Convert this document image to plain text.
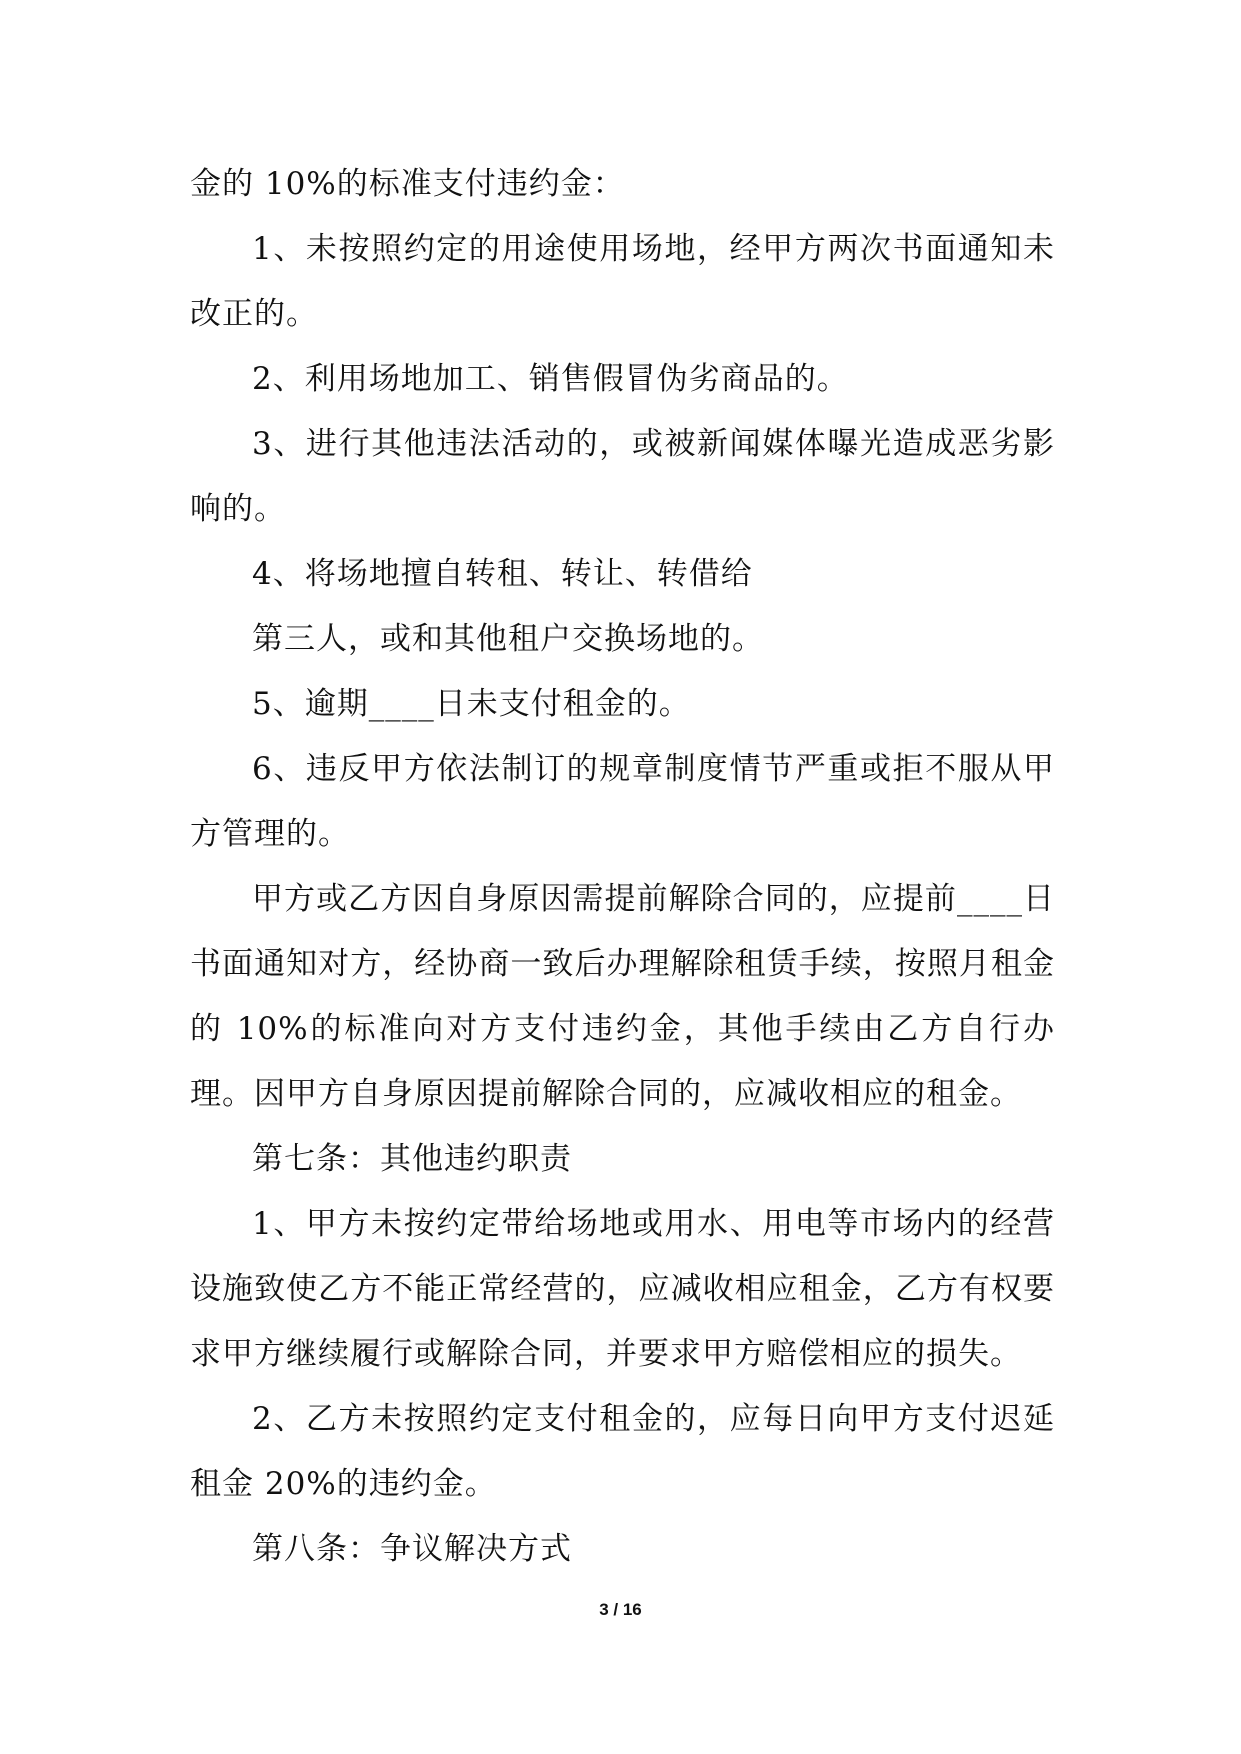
金的 10%的标准支付违约金：

1、未按照约定的用途使用场地，经甲方两次书面通知未改正的。

2、利用场地加工、销售假冒伪劣商品的。

3、进行其他违法活动的，或被新闻媒体曝光造成恶劣影响的。

4、将场地擅自转租、转让、转借给

第三人，或和其他租户交换场地的。

5、逾期____日未支付租金的。

6、违反甲方依法制订的规章制度情节严重或拒不服从甲方管理的。

甲方或乙方因自身原因需提前解除合同的，应提前____日书面通知对方，经协商一致后办理解除租赁手续，按照月租金的 10%的标准向对方支付违约金，其他手续由乙方自行办理。因甲方自身原因提前解除合同的，应减收相应的租金。

第七条：其他违约职责

1、甲方未按约定带给场地或用水、用电等市场内的经营设施致使乙方不能正常经营的，应减收相应租金，乙方有权要求甲方继续履行或解除合同，并要求甲方赔偿相应的损失。

2、乙方未按照约定支付租金的，应每日向甲方支付迟延租金 20%的违约金。

第八条：争议解决方式

3 / 16
